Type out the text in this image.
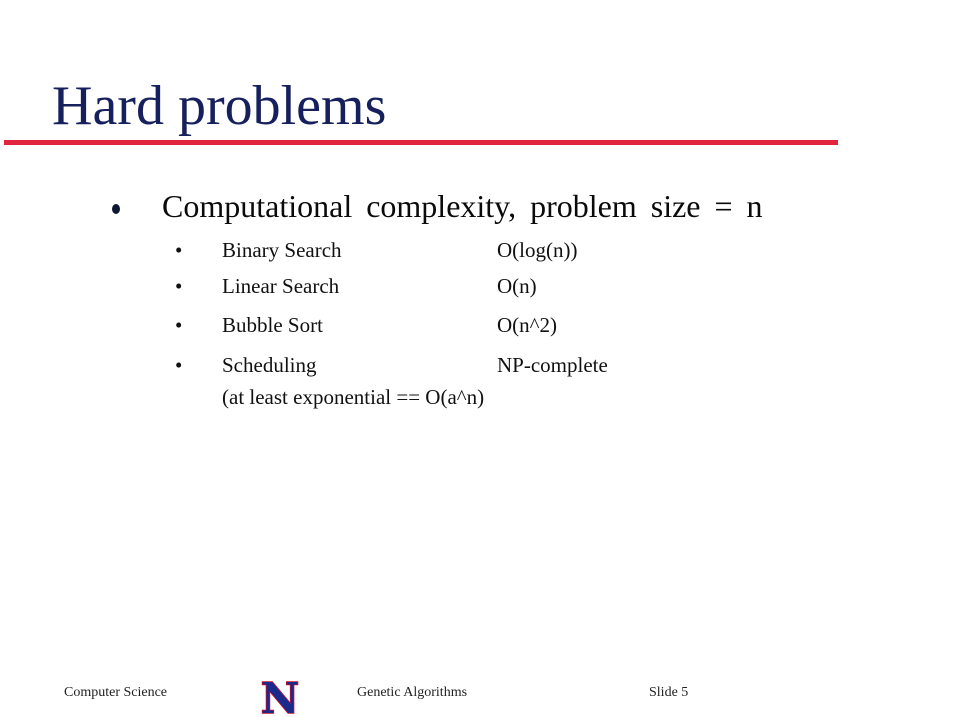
Hard problems
Computational complexity, problem size = n
• Binary Search	O(log(n))
• Linear Search	O(n)
• Bubble Sort	O(n^2)
• Scheduling	NP-complete
(at least exponential == O(a^n)
Computer Science N	Genetic Algorithms	Slide 5
